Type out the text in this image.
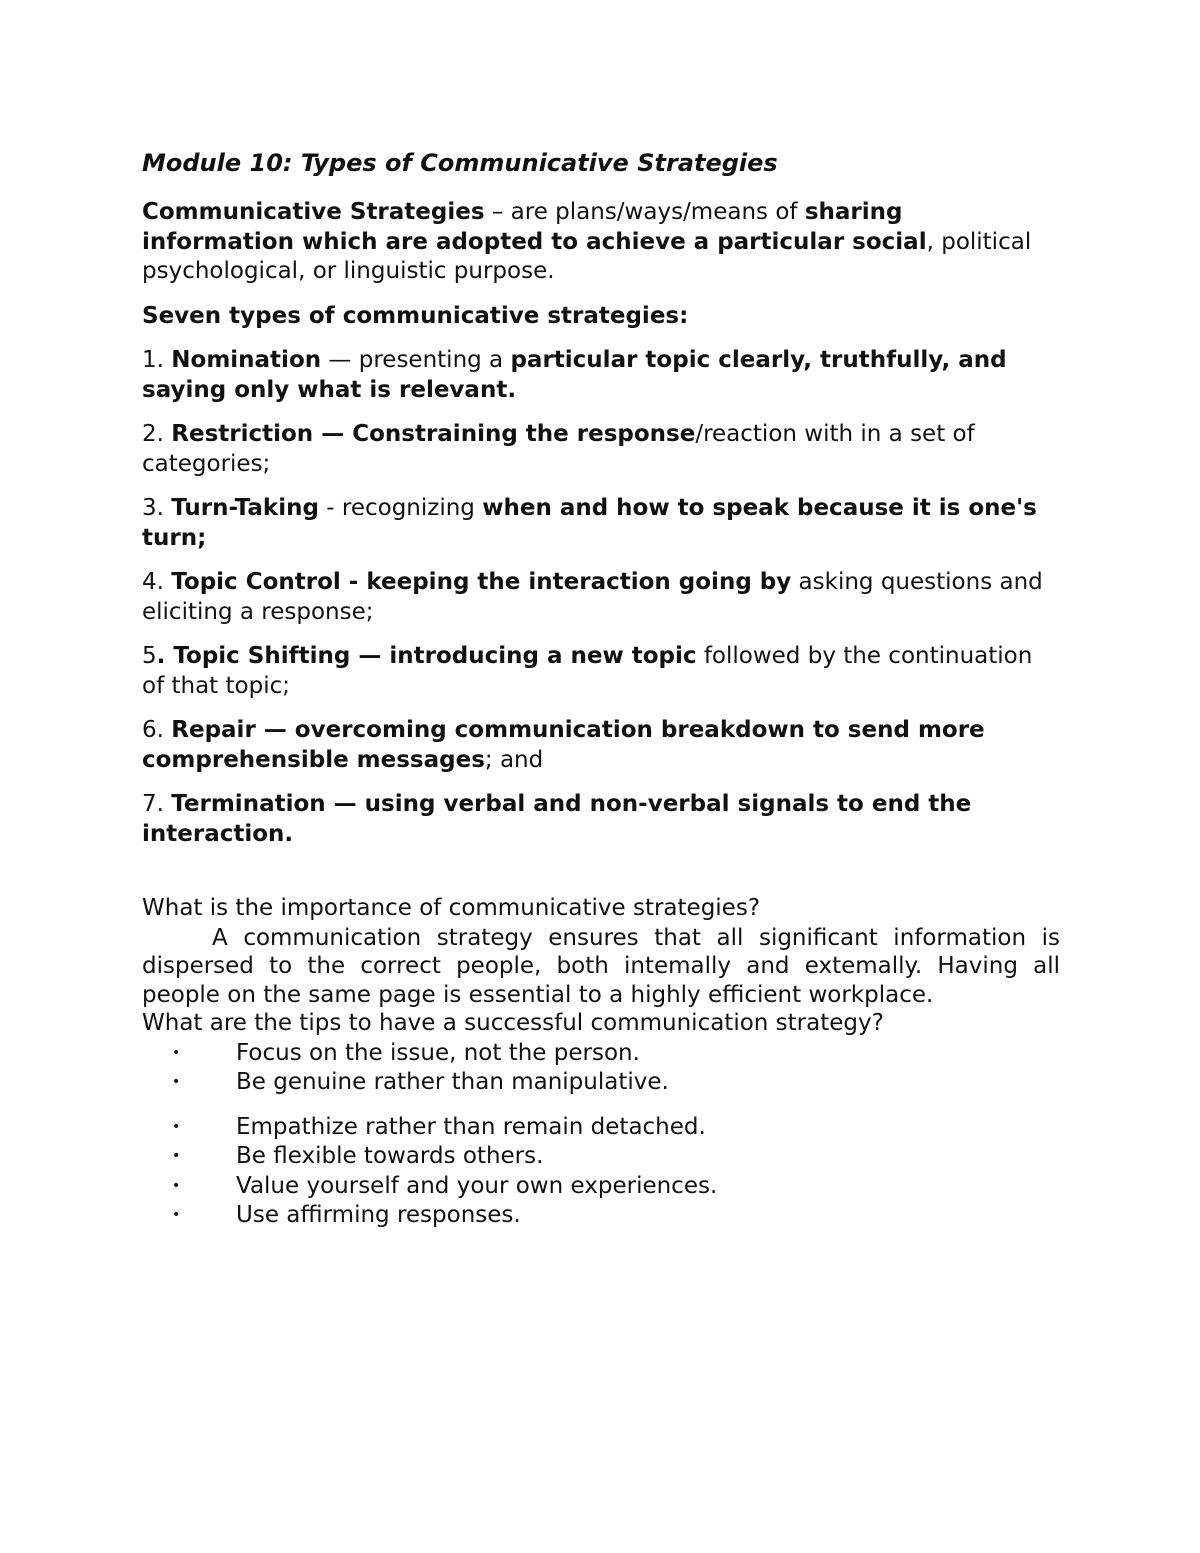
Module 10: Types of Communicative Strategies

Communicative Strategies – are plans/ways/means of sharing information which are adopted to achieve a particular social, political psychological, or linguistic purpose.

Seven types of communicative strategies:

1. Nomination — presenting a particular topic clearly, truthfully, and saying only what is relevant.

2. Restriction — Constraining the response/reaction with in a set of categories;

3. Turn-Taking - recognizing when and how to speak because it is one's turn;

4. Topic Control - keeping the interaction going by asking questions and eliciting a response;

5. Topic Shifting — introducing a new topic followed by the continuation of that topic;

6. Repair — overcoming communication breakdown to send more comprehensible messages; and

7. Termination — using verbal and non-verbal signals to end the interaction.

What is the importance of communicative strategies?

A communication strategy ensures that all significant information is dispersed to the correct people, both intemally and extemally. Having all people on the same page is essential to a highly efficient workplace.

What are the tips to have a successful communication strategy?

• Focus on the issue, not the person.
• Be genuine rather than manipulative.
• Empathize rather than remain detached.
• Be flexible towards others.
• Value yourself and your own experiences.
• Use affirming responses.
